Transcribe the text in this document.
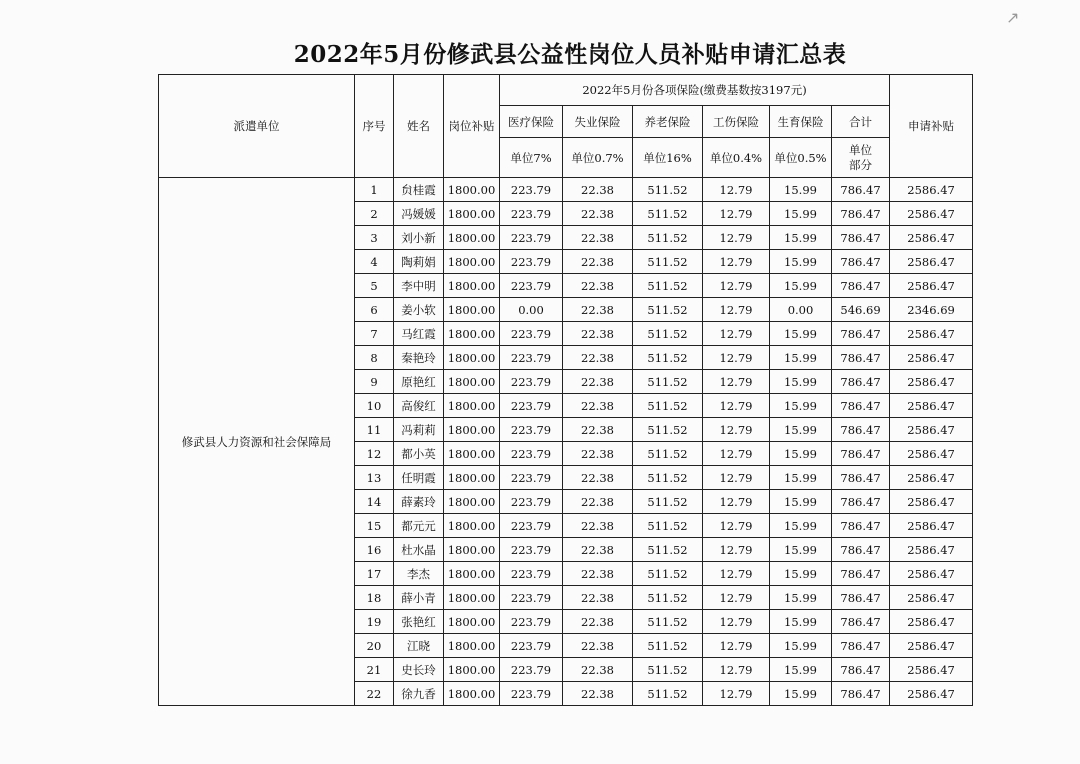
↗
2022年5月份修武县公益性岗位人员补贴申请汇总表
派遣单位	序号	姓名	岗位补贴	2022年5月份各项保险(缴费基数按3197元)						申请补贴
				医疗保险	失业保险	养老保险	工伤保险	生育保险	合计	
				单位7%	单位0.7%	单位16%	单位0.4%	单位0.5%	单位部分	
修武县人力资源和社会保障局	1	贠桂霞	1800.00	223.79	22.38	511.52	12.79	15.99	786.47	2586.47
	2	冯媛媛	1800.00	223.79	22.38	511.52	12.79	15.99	786.47	2586.47
	3	刘小新	1800.00	223.79	22.38	511.52	12.79	15.99	786.47	2586.47
	4	陶莉娟	1800.00	223.79	22.38	511.52	12.79	15.99	786.47	2586.47
	5	李中明	1800.00	223.79	22.38	511.52	12.79	15.99	786.47	2586.47
	6	姜小软	1800.00	0.00	22.38	511.52	12.79	0.00	546.69	2346.69
	7	马红霞	1800.00	223.79	22.38	511.52	12.79	15.99	786.47	2586.47
	8	秦艳玲	1800.00	223.79	22.38	511.52	12.79	15.99	786.47	2586.47
	9	原艳红	1800.00	223.79	22.38	511.52	12.79	15.99	786.47	2586.47
	10	高俊红	1800.00	223.79	22.38	511.52	12.79	15.99	786.47	2586.47
	11	冯莉莉	1800.00	223.79	22.38	511.52	12.79	15.99	786.47	2586.47
	12	都小英	1800.00	223.79	22.38	511.52	12.79	15.99	786.47	2586.47
	13	任明霞	1800.00	223.79	22.38	511.52	12.79	15.99	786.47	2586.47
	14	薛素玲	1800.00	223.79	22.38	511.52	12.79	15.99	786.47	2586.47
	15	都元元	1800.00	223.79	22.38	511.52	12.79	15.99	786.47	2586.47
	16	杜水晶	1800.00	223.79	22.38	511.52	12.79	15.99	786.47	2586.47
	17	李杰	1800.00	223.79	22.38	511.52	12.79	15.99	786.47	2586.47
	18	薛小青	1800.00	223.79	22.38	511.52	12.79	15.99	786.47	2586.47
	19	张艳红	1800.00	223.79	22.38	511.52	12.79	15.99	786.47	2586.47
	20	江晓	1800.00	223.79	22.38	511.52	12.79	15.99	786.47	2586.47
	21	史长玲	1800.00	223.79	22.38	511.52	12.79	15.99	786.47	2586.47
	22	徐九香	1800.00	223.79	22.38	511.52	12.79	15.99	786.47	2586.47
